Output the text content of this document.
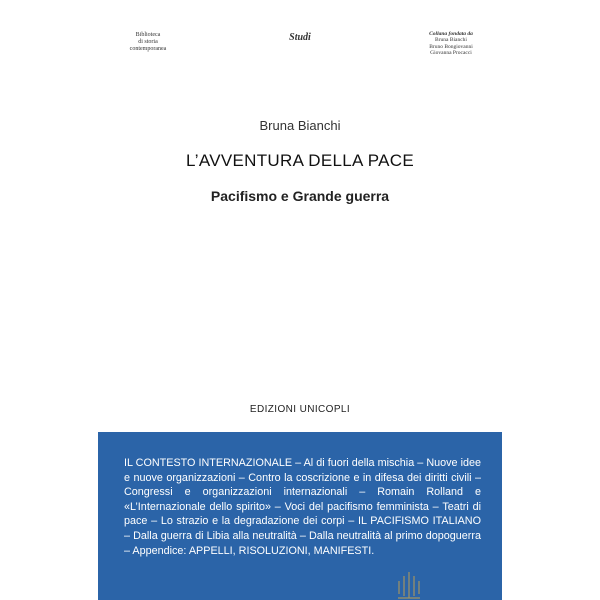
Biblioteca
di storia
contemporanea
Studi	Collana fondata da
Bruna Bianchi
Bruno Bongiovanni
Giovanna Procacci
Bruna Bianchi
L’AVVENTURA DELLA PACE
Pacifismo e Grande guerra
EDIZIONI UNICOPLI

IL CONTESTO INTERNAZIONALE – Al di fuori della mischia – Nuove idee e nuove organizzazioni – Contro la coscrizione e in difesa dei diritti civili – Congressi e organizzazioni internazionali – Romain Rolland e «L’Internazionale dello spirito» – Voci del pacifismo femminista – Teatri di pace – Lo strazio e la degradazione dei corpi – IL PACIFISMO ITALIANO – Dalla guerra di Libia alla neutralità – Dalla neutralità al primo dopoguerra – Appendice: APPELLI, RISOLUZIONI, MANIFESTI.
